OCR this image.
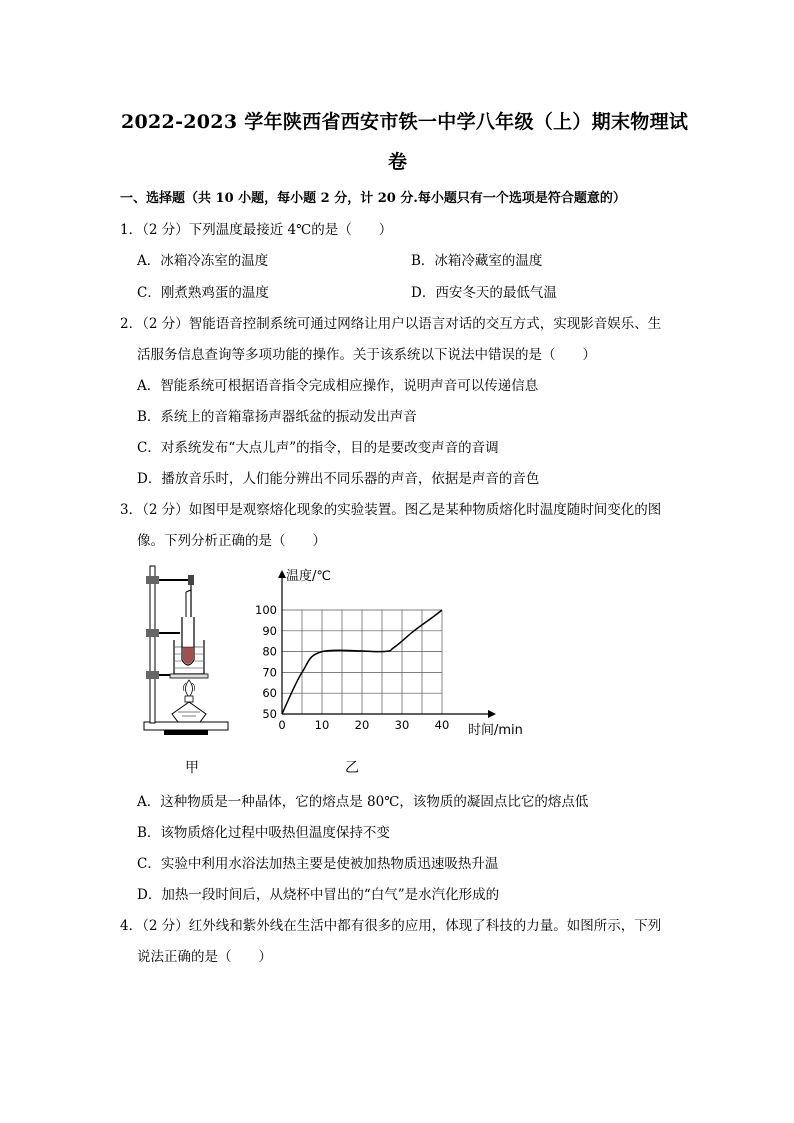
2022-2023 学年陕西省西安市铁一中学八年级（上）期末物理试
卷
一、选择题（共 10 小题，每小题 2 分，计 20 分.每小题只有一个选项是符合题意的）
1．（2 分）下列温度最接近 4℃的是（　　）
A．冰箱冷冻室的温度	B．冰箱冷藏室的温度
C．刚煮熟鸡蛋的温度	D．西安冬天的最低气温
2．（2 分）智能语音控制系统可通过网络让用户以语言对话的交互方式，实现影音娱乐、生
活服务信息查询等多项功能的操作。关于该系统以下说法中错误的是（　　）
A．智能系统可根据语音指令完成相应操作，说明声音可以传递信息
B．系统上的音箱靠扬声器纸盆的振动发出声音
C．对系统发布“大点儿声”的指令，目的是要改变声音的音调
D．播放音乐时，人们能分辨出不同乐器的声音，依据是声音的音色
3．（2 分）如图甲是观察熔化现象的实验装置。图乙是某种物质熔化时温度随时间变化的图
像。下列分析正确的是（　　）
甲
0	10 20 30 40
50
60
70
80
90
100
温度/℃
时间/min
乙
A．这种物质是一种晶体，它的熔点是 80℃，该物质的凝固点比它的熔点低
B．该物质熔化过程中吸热但温度保持不变
C．实验中利用水浴法加热主要是使被加热物质迅速吸热升温
D．加热一段时间后，从烧杯中冒出的“白气”是水汽化形成的
4．（2 分）红外线和紫外线在生活中都有很多的应用，体现了科技的力量。如图所示，下列
说法正确的是（　　）
